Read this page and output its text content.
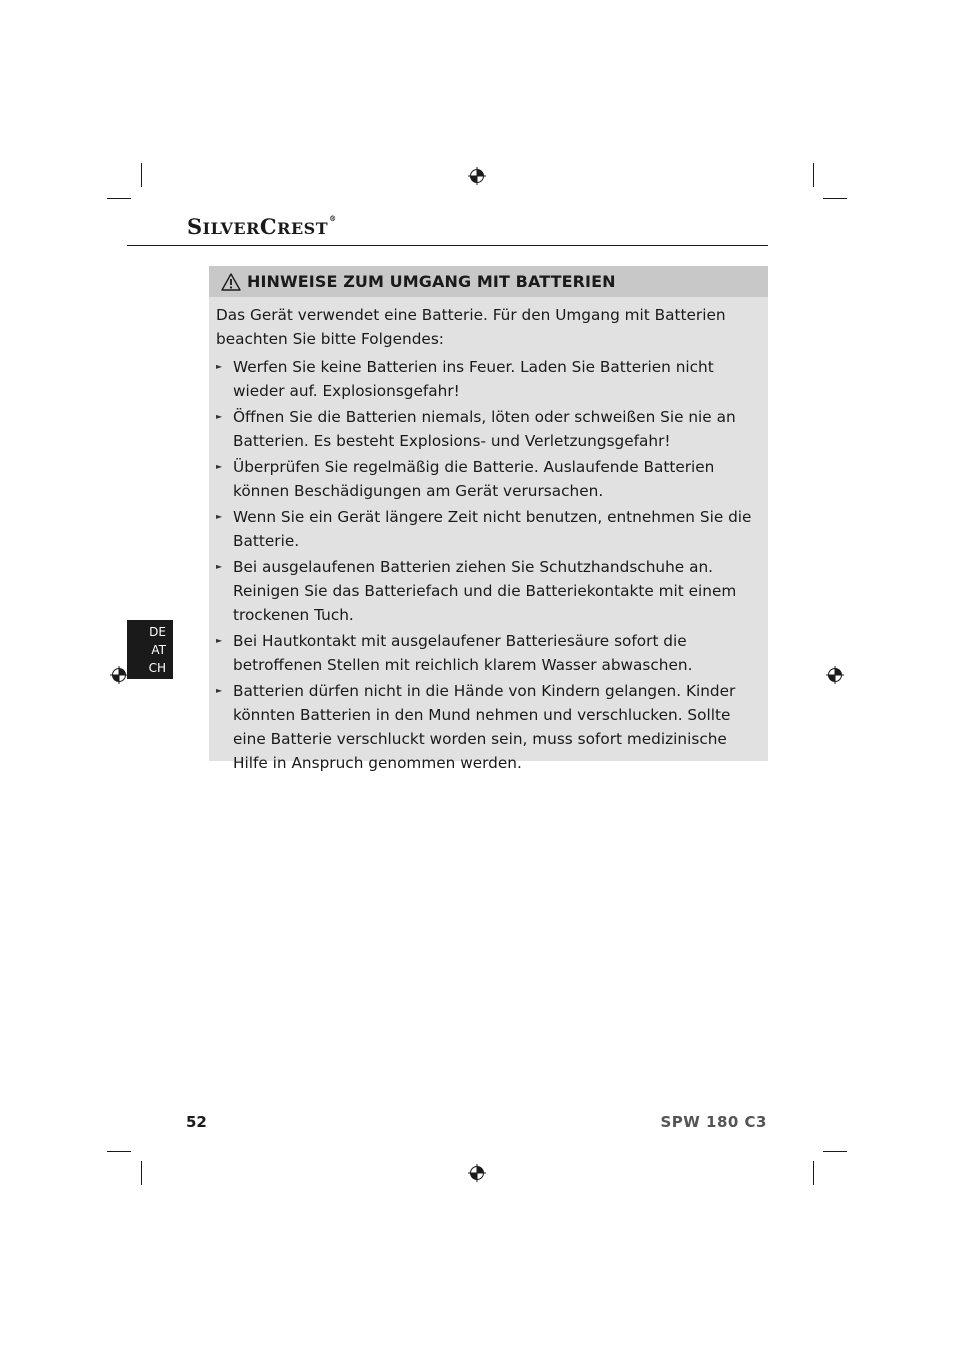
SILVERCREST®
DE
AT
CH
HINWEISE ZUM UMGANG MIT BATTERIEN

Das Gerät verwendet eine Batterie. Für den Umgang mit Batterien beachten Sie bitte Folgendes:

► Werfen Sie keine Batterien ins Feuer. Laden Sie Batterien nicht wieder auf. Explosionsgefahr!
► Öffnen Sie die Batterien niemals, löten oder schweißen Sie nie an Batterien. Es besteht Explosions- und Verletzungsgefahr!
► Überprüfen Sie regelmäßig die Batterie. Auslaufende Batterien können Beschädigungen am Gerät verursachen.
► Wenn Sie ein Gerät längere Zeit nicht benutzen, entnehmen Sie die Batterie.
► Bei ausgelaufenen Batterien ziehen Sie Schutzhandschuhe an. Reinigen Sie das Batteriefach und die Batteriekontakte mit einem trockenen Tuch.
► Bei Hautkontakt mit ausgelaufener Batteriesäure sofort die betroffenen Stellen mit reichlich klarem Wasser abwaschen.
► Batterien dürfen nicht in die Hände von Kindern gelangen. Kinder könnten Batterien in den Mund nehmen und verschlucken. Sollte eine Batterie verschluckt worden sein, muss sofort medizinische Hilfe in Anspruch genommen werden.
52	SPW 180 C3
